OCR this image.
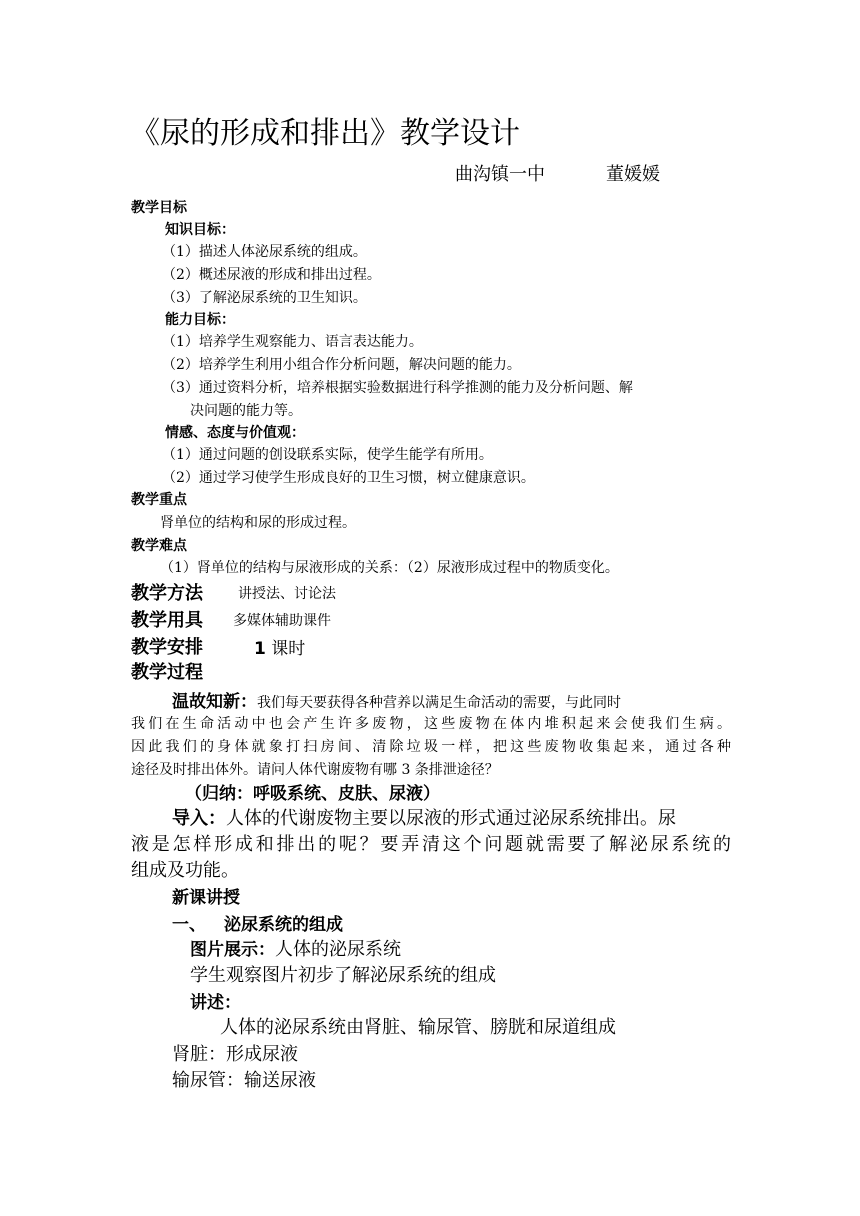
《尿的形成和排出》教学设计
曲沟镇一中	董媛媛
教学目标
知识目标：
（1）描述人体泌尿系统的组成。
（2）概述尿液的形成和排出过程。
（3）了解泌尿系统的卫生知识。
能力目标：
（1）培养学生观察能力、语言表达能力。
（2）培养学生利用小组合作分析问题，解决问题的能力。
（3）通过资料分析，培养根据实验数据进行科学推测的能力及分析问题、解
决问题的能力等。
情感、态度与价值观：
（1）通过问题的创设联系实际，使学生能学有所用。
（2）通过学习使学生形成良好的卫生习惯，树立健康意识。
教学重点
肾单位的结构和尿的形成过程。
教学难点
（1）肾单位的结构与尿液形成的关系：（2）尿液形成过程中的物质变化。
教学方法	讲授法、讨论法
教学用具 多媒体辅助课件
教学安排	1 课时
教学过程
温故知新：我们每天要获得各种营养以满足生命活动的需要，与此同时
我们在生命活动中也会产生许多废物，这些废物在体内堆积起来会使我们生病。
因此我们的身体就象打扫房间、清除垃圾一样，把这些废物收集起来，通过各种
途径及时排出体外。请问人体代谢废物有哪 3 条排泄途径？
（归纳：呼吸系统、皮肤、尿液）
导入：人体的代谢废物主要以尿液的形式通过泌尿系统排出。尿
液是怎样形成和排出的呢？要弄清这个问题就需要了解泌尿系统的
组成及功能。
新课讲授
一、 泌尿系统的组成
图片展示：人体的泌尿系统
学生观察图片初步了解泌尿系统的组成
讲述：
人体的泌尿系统由肾脏、输尿管、膀胱和尿道组成
肾脏：形成尿液
输尿管：输送尿液
